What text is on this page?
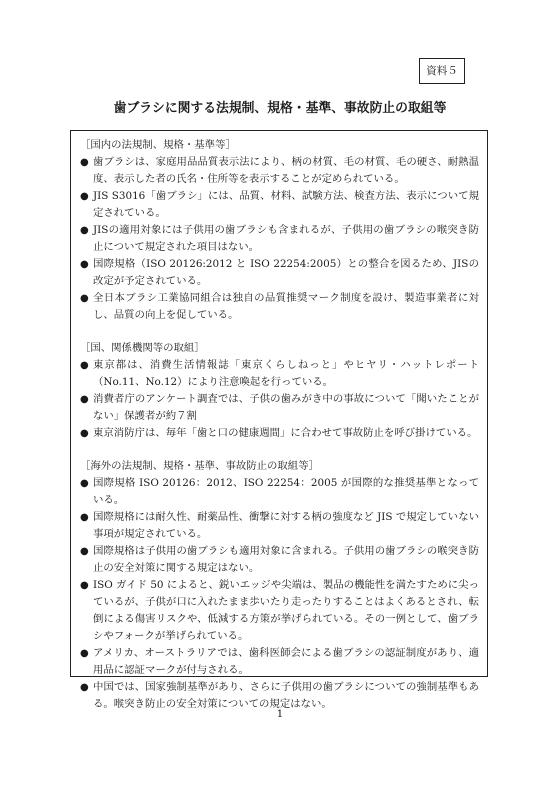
資料５
歯ブラシに関する法規制、規格・基準、事故防止の取組等

［国内の法規制、規格・基準等］

● 歯ブラシは、家庭用品品質表示法により、柄の材質、毛の材質、毛の硬さ、耐熱温度、表示した者の氏名・住所等を表示することが定められている。

● JIS S3016「歯ブラシ」には、品質、材料、試験方法、検査方法、表示について規定されている。

● JISの適用対象には子供用の歯ブラシも含まれるが、子供用の歯ブラシの喉突き防止について規定された項目はない。

● 国際規格（ISO 20126:2012 と ISO 22254:2005）との整合を図るため、JISの改定が予定されている。

● 全日本ブラシ工業協同組合は独自の品質推奨マーク制度を設け、製造事業者に対し、品質の向上を促している。

［国、関係機関等の取組］

● 東京都は、消費生活情報誌「東京くらしねっと」やヒヤリ・ハットレポート（No.11、No.12）により注意喚起を行っている。

● 消費者庁のアンケート調査では、子供の歯みがき中の事故について「聞いたことがない」保護者が約７割

● 東京消防庁は、毎年「歯と口の健康週間」に合わせて事故防止を呼び掛けている。

［海外の法規制、規格・基準、事故防止の取組等］

● 国際規格 ISO 20126：2012、ISO 22254：2005 が国際的な推奨基準となっている。

● 国際規格には耐久性、耐薬品性、衝撃に対する柄の強度など JIS で規定していない事項が規定されている。

● 国際規格は子供用の歯ブラシも適用対象に含まれる。子供用の歯ブラシの喉突き防止の安全対策に関する規定はない。

● ISO ガイド 50 によると、鋭いエッジや尖端は、製品の機能性を満たすために尖っているが、子供が口に入れたまま歩いたり走ったりすることはよくあるとされ、転倒による傷害リスクや、低減する方策が挙げられている。その一例として、歯ブラシやフォークが挙げられている。

● アメリカ、オーストラリアでは、歯科医師会による歯ブラシの認証制度があり、適用品に認証マークが付与される。

● 中国では、国家強制基準があり、さらに子供用の歯ブラシについての強制基準もある。喉突き防止の安全対策についての規定はない。

1
